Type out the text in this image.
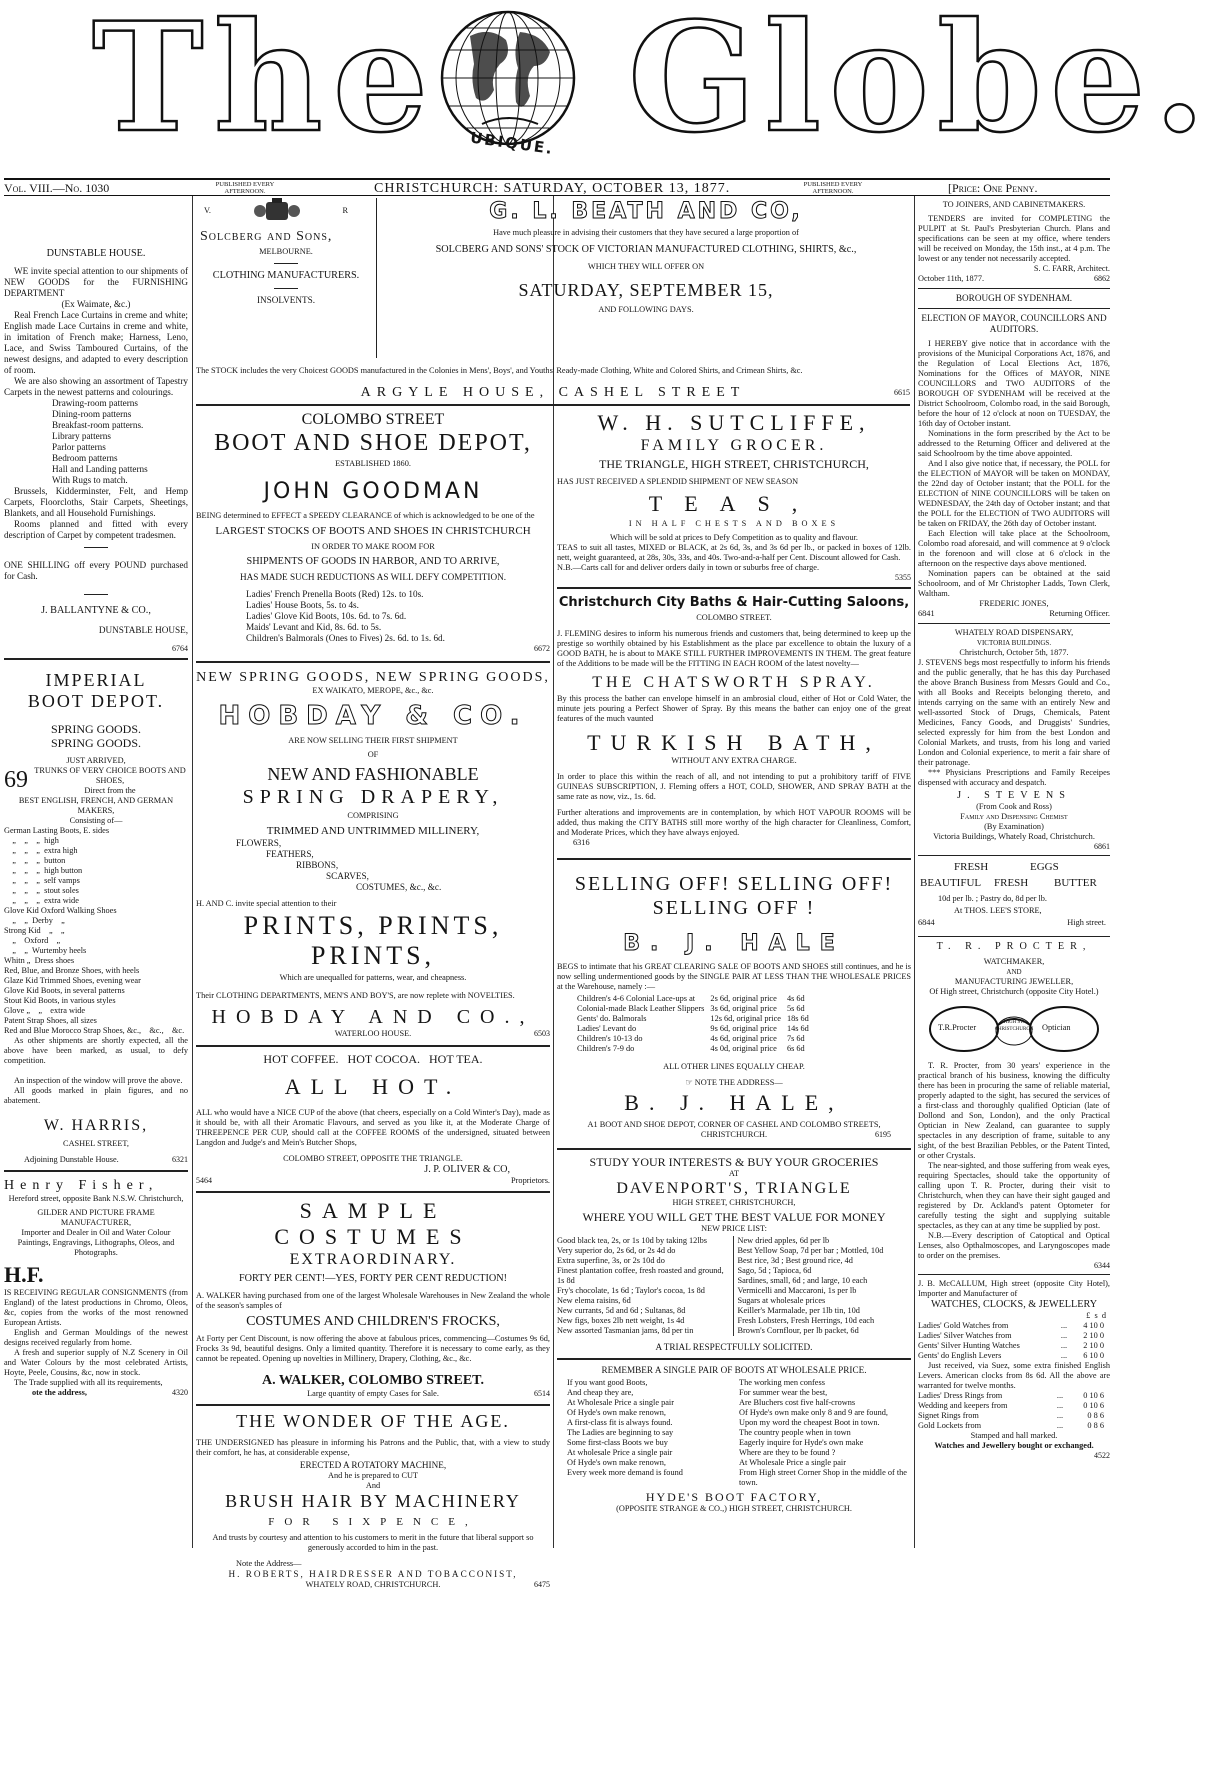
The UBIQUE. Globe.
Vol. VIII.—No. 1030	PUBLISHED EVERY AFTERNOON.	CHRISTCHURCH: SATURDAY, OCTOBER 13, 1877.	PUBLISHED EVERY AFTERNOON.	[Price: One Penny.

DUNSTABLE HOUSE.

WE invite special attention to our shipments of NEW GOODS for the FURNISHING DEPARTMENT

(Ex Waimate, &c.)

Real French Lace Curtains in creme and white; English made Lace Curtains in creme and white, in imitation of French make; Harness, Leno, Lace, and Swiss Tamboured Curtains, of the newest designs, and adapted to every description of room.

We are also showing an assortment of Tapestry Carpets in the newest patterns and colourings.

Drawing-room patterns

Dining-room patterns

Breakfast-room patterns.

Library patterns

Parlor patterns

Bedroom patterns

Hall and Landing patterns

With Rugs to match.

Brussels, Kidderminster, Felt, and Hemp Carpets, Floorcloths, Stair Carpets, Sheetings, Blankets, and all Household Furnishings.

Rooms planned and fitted with every description of Carpet by competent tradesmen.

ONE SHILLING off every POUND purchased for Cash.

J. BALLANTYNE & CO.,

DUNSTABLE HOUSE,

6764

IMPERIAL

BOOT DEPOT.

SPRING GOODS.

SPRING GOODS.

JUST ARRIVED,

69 TRUNKS OF VERY CHOICE BOOTS AND SHOES,

Direct from the

BEST ENGLISH, FRENCH, AND GERMAN MAKERS,

Consisting of—

German Lasting Boots, E. sides

„    „    „  high

„    „    „  extra high

„    „    „  button

„    „    „  high button

„    „    „  self vamps

„    „    „  stout soles

„    „    „  extra wide

Glove Kid Oxford Walking Shoes

„    „  Derby    „

Strong Kid    „    „

„    Oxford    „

„    „  Wurtemby heels

Whitn „  Dress shoes

Red, Blue, and Bronze Shoes, with heels

Glaze Kid Trimmed Shoes, evening wear

Glove Kid Boots, in several patterns

Stout Kid Boots, in various styles

Glove „    „    extra wide

Patent Strap Shoes, all sizes

Red and Blue Morocco Strap Shoes, &c.,    &c.,    &c.

As other shipments are shortly expected, all the above have been marked, as usual, to defy competition.

An inspection of the window will prove the above.

All goods marked in plain figures, and no abatement.

W. HARRIS,

CASHEL STREET,

Adjoining Dunstable House.	6321

Henry Fisher,

Hereford street, opposite Bank N.S.W. Christchurch,

GILDER AND PICTURE FRAME MANUFACTURER,

Importer and Dealer in Oil and Water Colour Paintings, Engravings, Lithographs, Oleos, and Photographs.

H.F.

IS RECEIVING REGULAR CONSIGNMENTS (from England) of the latest productions in Chromo, Oleos, &c, copies from the works of the most renowned European Artists.

English and German Mouldings of the newest designs received regularly from home.

A fresh and superior supply of N.Z Scenery in Oil and Water Colours by the most celebrated Artists, Hoyte, Peele, Cousins, &c, now in stock.

The Trade supplied with all its requirements,

ote the address,	4320
V.	R

Solcberg and Sons,

MELBOURNE.

CLOTHING MANUFACTURERS.

INSOLVENTS.

G. L. BEATH AND CO,

Have much pleasure in advising their customers that they have secured a large proportion of

SOLCBERG AND SONS' STOCK OF VICTORIAN MANUFACTURED CLOTHING, SHIRTS, &c.,

WHICH THEY WILL OFFER ON

SATURDAY, SEPTEMBER 15,

AND FOLLOWING DAYS.

The STOCK includes the very Choicest GOODS manufactured in the Colonies in Mens', Boys', and Youths' Ready-made Clothing, White and Colored Shirts, and Crimean Shirts, &c.

ARGYLE HOUSE, CASHEL STREET	6615

COLOMBO STREET

BOOT AND SHOE DEPOT,

ESTABLISHED 1860.

JOHN GOODMAN

BEING determined to EFFECT a SPEEDY CLEARANCE of which is acknowledged to be one of the

LARGEST STOCKS OF BOOTS AND SHOES IN CHRISTCHURCH

IN ORDER TO MAKE ROOM FOR

SHIPMENTS OF GOODS IN HARBOR, AND TO ARRIVE,

HAS MADE SUCH REDUCTIONS AS WILL DEFY COMPETITION.

Ladies' French Prenella Boots (Red) 12s. to 10s.

Ladies' House Boots, 5s. to 4s.

Ladies' Glove Kid Boots, 10s. 6d. to 7s. 6d.

Maids' Levant and Kid, 8s. 6d. to 5s.

Children's Balmorals (Ones to Fives) 2s. 6d. to 1s. 6d.

6672

NEW SPRING GOODS, NEW SPRING GOODS,

EX WAIKATO, MEROPE, &c., &c.

HOBDAY & CO.

ARE NOW SELLING THEIR FIRST SHIPMENT

OF

NEW AND FASHIONABLE

SPRING DRAPERY,

COMPRISING

TRIMMED AND UNTRIMMED MILLINERY,

FLOWERS,

FEATHERS,

RIBBONS,

SCARVES,

COSTUMES, &c., &c.

H. AND C. invite special attention to their

PRINTS, PRINTS, PRINTS,

Which are unequalled for patterns, wear, and cheapness.

Their CLOTHING DEPARTMENTS, MEN'S AND BOY'S, are now replete with NOVELTIES.

HOBDAY AND CO.,

WATERLOO HOUSE.	6503

HOT COFFEE.   HOT COCOA.   HOT TEA.

ALL HOT.

ALL who would have a NICE CUP of the above (that cheers, especially on a Cold Winter's Day), made as it should be, with all their Aromatic Flavours, and served as you like it, at the Moderate Charge of THREEPENCE PER CUP, should call at the COFFEE ROOMS of the undersigned, situated between Langdon and Judge's and Mein's Butcher Shops,

COLOMBO STREET, OPPOSITE THE TRIANGLE.

J. P. OLIVER & CO,

5464	Proprietors.

SAMPLE COSTUMES

EXTRAORDINARY.

FORTY PER CENT!—YES, FORTY PER CENT REDUCTION!

A. WALKER having purchased from one of the largest Wholesale Warehouses in New Zealand the whole of the season's samples of

COSTUMES AND CHILDREN'S FROCKS,

At Forty per Cent Discount, is now offering the above at fabulous prices, commencing—Costumes 9s 6d, Frocks 3s 9d, beautiful designs. Only a limited quantity. Therefore it is necessary to come early, as they cannot be repeated. Opening up novelties in Millinery, Drapery, Clothing, &c., &c.

A. WALKER, COLOMBO STREET.

Large quantity of empty Cases for Sale.	6514

THE WONDER OF THE AGE.

THE UNDERSIGNED has pleasure in informing his Patrons and the Public, that, with a view to study their comfort, he has, at considerable expense,

ERECTED A ROTATORY MACHINE,

And he is prepared to CUT

And

BRUSH HAIR BY MACHINERY

FOR SIXPENCE,

And trusts by courtesy and attention to his customers to merit in the future that liberal support so generously accorded to him in the past.

Note the Address—

H. ROBERTS, HAIRDRESSER AND TOBACCONIST,

WHATELY ROAD, CHRISTCHURCH.	6475

W. H. SUTCLIFFE,

FAMILY GROCER.

THE TRIANGLE, HIGH STREET, CHRISTCHURCH,

HAS JUST RECEIVED A SPLENDID SHIPMENT OF NEW SEASON

TEAS,

IN HALF CHESTS AND BOXES

Which will be sold at prices to Defy Competition as to quality and flavour.

TEAS to suit all tastes, MIXED or BLACK, at 2s 6d, 3s, and 3s 6d per lb., or packed in boxes of 12lb. nett, weight guaranteed, at 28s, 30s, 33s, and 40s. Two-and-a-half per Cent. Discount allowed for Cash.

N.B.—Carts call for and deliver orders daily in town or suburbs free of charge.

5355

Christchurch City Baths & Hair-Cutting Saloons,

COLOMBO STREET.

J. FLEMING desires to inform his numerous friends and customers that, being determined to keep up the prestige so worthily obtained by his Establishment as the place par excellence to obtain the luxury of a GOOD BATH, he is about to MAKE STILL FURTHER IMPROVEMENTS IN THEM. The great feature of the Additions to be made will be the FITTING IN EACH ROOM of the latest novelty—

THE CHATSWORTH SPRAY.

By this process the bather can envelope himself in an ambrosial cloud, either of Hot or Cold Water, the minute jets pouring a Perfect Shower of Spray. By this means the bather can enjoy one of the great features of the much vaunted

TURKISH BATH,

WITHOUT ANY EXTRA CHARGE.

In order to place this within the reach of all, and not intending to put a prohibitory tariff of FIVE GUINEAS SUBSCRIPTION, J. Fleming offers a HOT, COLD, SHOWER, AND SPRAY BATH at the same rate as now, viz., 1s. 6d.

Further alterations and improvements are in contemplation, by which HOT VAPOUR ROOMS will be added, thus making the CITY BATHS still more worthy of the high character for Cleanliness, Comfort, and Moderate Prices, which they have always enjoyed.

6316

SELLING OFF! SELLING OFF!

SELLING OFF !

B. J. HALE

BEGS to intimate that his GREAT CLEARING SALE OF BOOTS AND SHOES still continues, and he is now selling undermentioned goods by the SINGLE PAIR AT LESS THAN THE WHOLESALE PRICES at the Warehouse, namely :—

Children's 4-6 Colonial Lace-ups at	2s 6d, original price	4s 6d
Colonial-made Black Leather Slippers	3s 6d, original price	5s 6d
Gents' do. Balmorals	12s 6d, original price	18s 6d
Ladies' Levant do	9s 6d, original price	14s 6d
Children's 10-13 do	4s 6d, original price	7s 6d
Children's 7-9 do	4s 0d, original price	6s 6d

ALL OTHER LINES EQUALLY CHEAP.

☞ NOTE THE ADDRESS—

B. J. HALE,

A1 BOOT AND SHOE DEPOT, CORNER OF CASHEL AND COLOMBO STREETS,

CHRISTCHURCH.	6195

STUDY YOUR INTERESTS & BUY YOUR GROCERIES

AT

DAVENPORT'S, TRIANGLE

HIGH STREET, CHRISTCHURCH,

WHERE YOU WILL GET THE BEST VALUE FOR MONEY

NEW PRICE LIST:

Good black tea, 2s, or 1s 10d by taking 12lbs

Very superior do, 2s 6d, or 2s 4d do

Extra superfine, 3s, or 2s 10d do

Finest plantation coffee, fresh roasted and ground, 1s 8d

Fry's chocolate, 1s 6d ; Taylor's cocoa, 1s 8d

New elema raisins, 6d

New currants, 5d and 6d ; Sultanas, 8d

New figs, boxes 2lb nett weight, 1s 4d

New assorted Tasmanian jams, 8d per tin

New dried apples, 6d per lb

Best Yellow Soap, 7d per bar ; Mottled, 10d

Best rice, 3d ; Best ground rice, 4d

Sago, 5d ; Tapioca, 6d

Sardines, small, 6d ; and large, 10 each

Vermicelli and Maccaroni, 1s per lb

Sugars at wholesale prices

Keiller's Marmalade, per 1lb tin, 10d

Fresh Lobsters, Fresh Herrings, 10d each

Brown's Cornflour, per lb packet, 6d

A TRIAL RESPECTFULLY SOLICITED.

REMEMBER A SINGLE PAIR OF BOOTS AT WHOLESALE PRICE.

If you want good Boots,

And cheap they are,

At Wholesale Price a single pair

Of Hyde's own make renown,

A first-class fit is always found.

The Ladies are beginning to say

Some first-class Boots we buy

At wholesale Price a single pair

Of Hyde's own make renown,

Every week more demand is found

The working men confess

For summer wear the best,

Are Bluchers cost five half-crowns

Of Hyde's own make only 8 and 9 are found,

Upon my word the cheapest Boot in town.

The country people when in town

Eagerly inquire for Hyde's own make

Where are they to be found ?

At Wholesale Price a single pair

From High street Corner Shop in the middle of the town.

HYDE'S BOOT FACTORY,

(OPPOSITE STRANGE & CO.,) HIGH STREET, CHRISTCHURCH.

TO JOINERS, AND CABINETMAKERS.

TENDERS are invited for COMPLETING the PULPIT at St. Paul's Presbyterian Church. Plans and specifications can be seen at my office, where tenders will be received on Monday, the 15th inst., at 4 p.m. The lowest or any tender not necessarily accepted.

S. C. FARR, Architect.

October 11th, 1877.	6862

BOROUGH OF SYDENHAM.

ELECTION OF MAYOR, COUNCILLORS AND AUDITORS.

I HEREBY give notice that in accordance with the provisions of the Municipal Corporations Act, 1876, and the Regulation of Local Elections Act, 1876, Nominations for the Offices of MAYOR, NINE COUNCILLORS and TWO AUDITORS of the BOROUGH OF SYDENHAM will be received at the District Schoolroom, Colombo road, in the said Borough, before the hour of 12 o'clock at noon on TUESDAY, the 16th day of October instant.

Nominations in the form prescribed by the Act to be addressed to the Returning Officer and delivered at the said Schoolroom by the time above appointed.

And I also give notice that, if necessary, the POLL for the ELECTION of MAYOR will be taken on MONDAY, the 22nd day of October instant; that the POLL for the ELECTION of NINE COUNCILLORS will be taken on WEDNESDAY, the 24th day of October instant; and that the POLL for the ELECTION of TWO AUDITORS will be taken on FRIDAY, the 26th day of October instant.

Each Election will take place at the Schoolroom, Colombo road aforesaid, and will commence at 9 o'clock in the forenoon and will close at 6 o'clock in the afternoon on the respective days above mentioned.

Nomination papers can be obtained at the said Schoolroom, and of Mr Christopher Ladds, Town Clerk, Waltham.

FREDERIC JONES,

6841	Returning Officer.

WHATELY ROAD DISPENSARY,

VICTORIA BUILDINGS.

Christchurch, October 5th, 1877.

J. STEVENS begs most respectfully to inform his friends and the public generally, that he has this day Purchased the above Branch Business from Messrs Gould and Co., with all Books and Receipts belonging thereto, and intends carrying on the same with an entirely New and well-assorted Stock of Drugs, Chemicals, Patent Medicines, Fancy Goods, and Druggists' Sundries, selected expressly for him from the best London and Colonial Markets, and trusts, from his long and varied London and Colonial experience, to merit a fair share of their patronage.

*** Physicians Prescriptions and Family Receipes dispensed with accuracy and despatch.

J. STEVENS

(From Cook and Ross)

Family and Dispensing Chemist

(By Examination)

Victoria Buildings, Whately Road, Christchurch.

6861

FRESH	EGGS
BEAUTIFUL FRESH BUTTER
10d per lb. ; Pastry do, 8d per lb.
At THOS. LEE'S STORE,
6844	High street.

T. R. PROCTER,

WATCHMAKER,

AND

MANUFACTURING JEWELLER,

Of High street, Christchurch (opposite City Hotel.)

T.R.Procter	Optician
HIGH ST. CHRISTCHURCH

T. R. Procter, from 30 years' experience in the practical branch of his business, knowing the difficulty there has been in procuring the same of reliable material, properly adapted to the sight, has secured the services of a first-class and thoroughly qualified Optician (late of Dollond and Son, London), and the only Practical Optician in New Zealand, can guarantee to supply spectacles in any description of frame, suitable to any sight, of the best Brazilian Pebbles, or the Patent Tinted, or other Crystals.

The near-sighted, and those suffering from weak eyes, requiring Spectacles, should take the opportunity of calling upon T. R. Procter, during their visit to Christchurch, when they can have their sight gauged and registered by Dr. Ackland's patent Optometer for carefully testing the sight and supplying suitable spectacles, as they can at any time be supplied by post.

N.B.—Every description of Catoptical and Optical Lenses, also Opthalmoscopes, and Laryngoscopes made to order on the premises.

6344

J. B. McCALLUM, High street (opposite City Hotel), Importer and Manufacturer of

WATCHES, CLOCKS, & JEWELLERY

£  s  d

Ladies' Gold Watches from	...	4 10 0
Ladies' Silver Watches from	...	2 10 0
Gents' Silver Hunting Watches	...	2 10 0
Gents' do English Levers	...	6 10 0

Just received, via Suez, some extra finished English Levers. American clocks from 8s 6d. All the above are warranted for twelve months.

Ladies' Dress Rings from	...	0 10 6
Wedding and keepers from	...	0 10 6
Signet Rings from	...	0 8 6
Gold Lockets from	...	0 8 6

Stamped and hall marked.

Watches and Jewellery bought or exchanged.

4522
